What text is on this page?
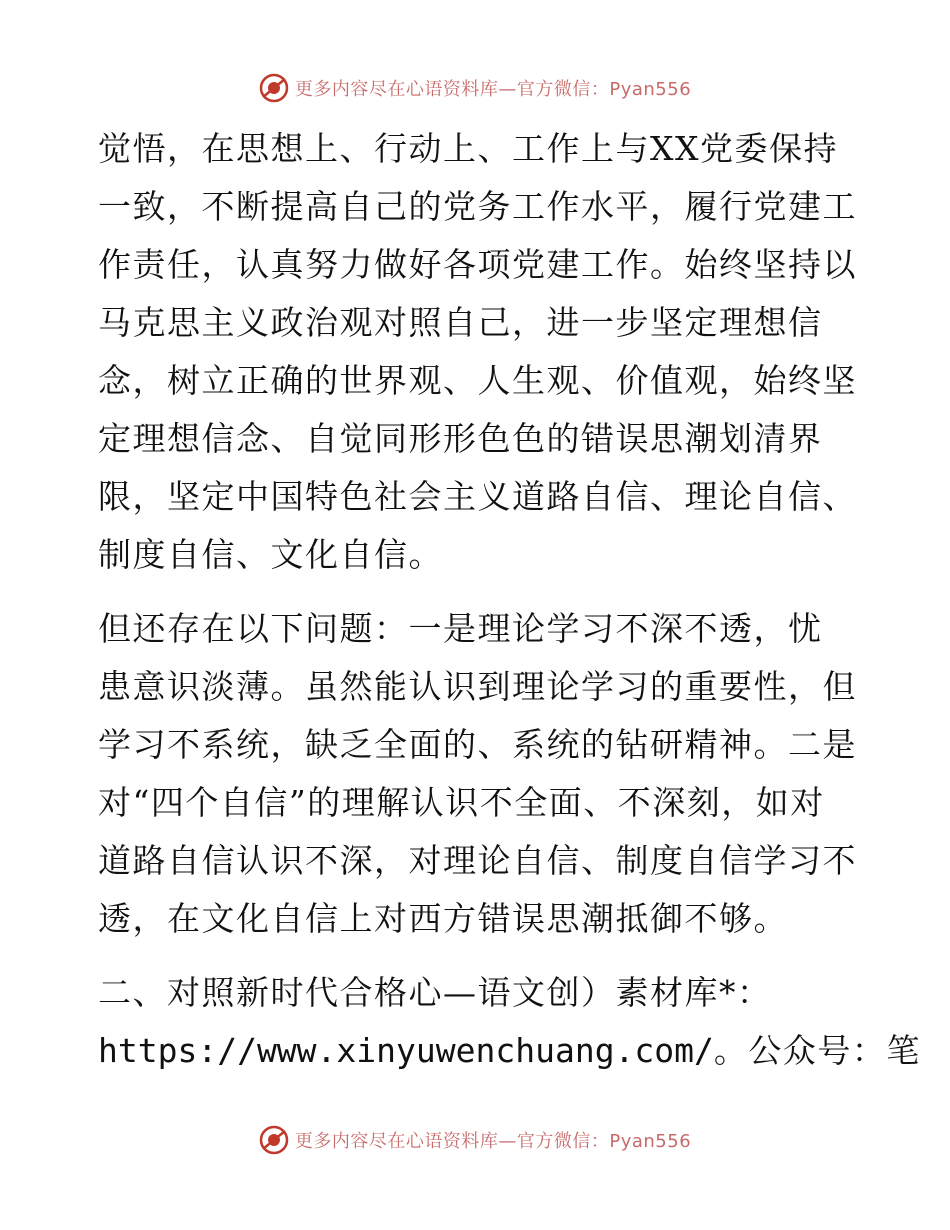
更多内容尽在心语资料库—官方微信：Pyan556
觉悟，在思想上、行动上、工作上与XX党委保持
一致，不断提高自己的党务工作水平，履行党建工
作责任，认真努力做好各项党建工作。始终坚持以
马克思主义政治观对照自己，进一步坚定理想信
念，树立正确的世界观、人生观、价值观，始终坚
定理想信念、自觉同形形色色的错误思潮划清界
限，坚定中国特色社会主义道路自信、理论自信、
制度自信、文化自信。
但还存在以下问题：一是理论学习不深不透，忧
患意识淡薄。虽然能认识到理论学习的重要性，但
学习不系统，缺乏全面的、系统的钻研精神。二是
对“四个自信”的理解认识不全面、不深刻，如对
道路自信认识不深，对理论自信、制度自信学习不
透，在文化自信上对西方错误思潮抵御不够。
二、对照新时代合格心—语文创）素材库*：
https://www.xinyuwenchuang.com/。公众号：笔
更多内容尽在心语资料库—官方微信：Pyan556
